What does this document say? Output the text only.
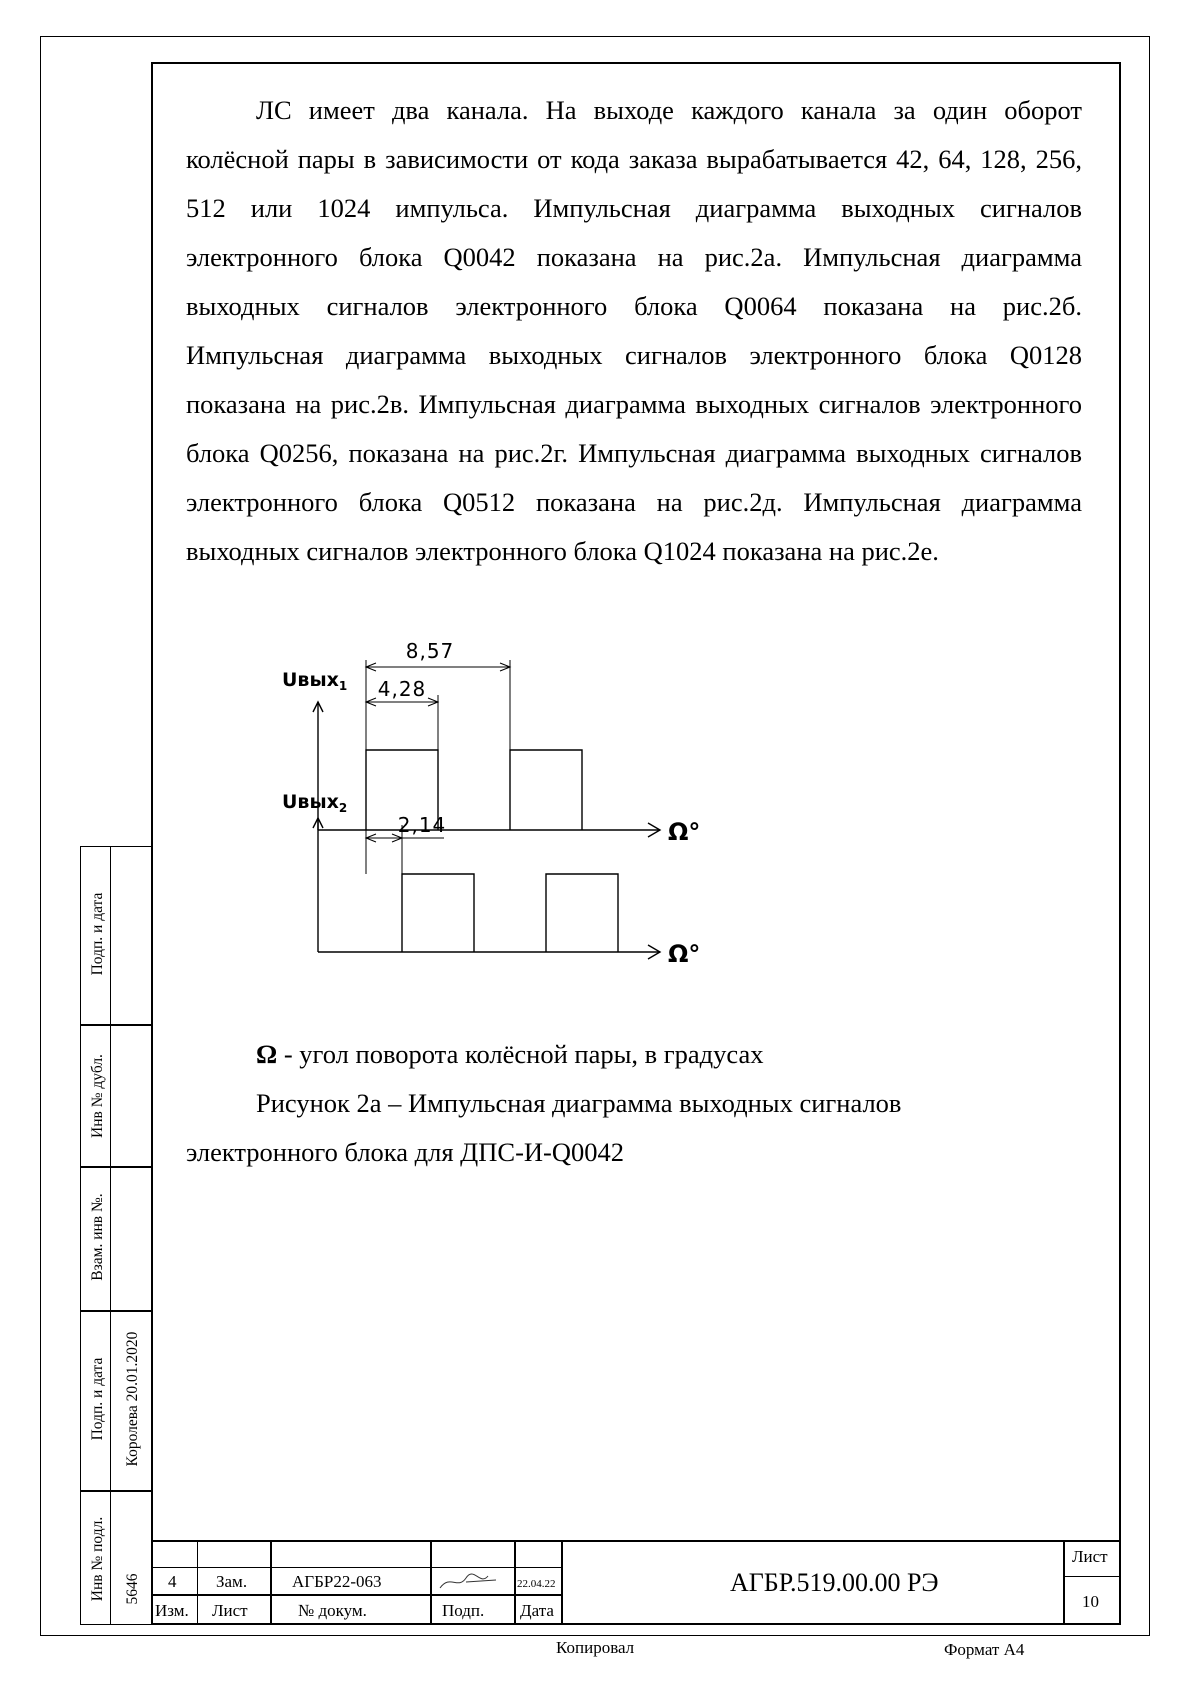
ЛС имеет два канала. На выходе каждого канала за один оборот колёсной пары в зависимости от кода заказа вырабатывается 42, 64, 128, 256, 512 или 1024 импульса. Импульсная диаграмма выходных сигналов электронного блока Q0042 показана на рис.2а. Импульсная диаграмма выходных сигналов электронного блока Q0064 показана на рис.2б. Импульсная диаграмма выходных сигналов электронного блока Q0128 показана на рис.2в. Импульсная диаграмма выходных сигналов электронного блока Q0256, показана на рис.2г. Импульсная диаграмма выходных сигналов электронного блока Q0512 показана на рис.2д. Импульсная диаграмма выходных сигналов электронного блока Q1024 показана на рис.2е.

8,57
4,28
2,14
Uвых$_1$
Uвых$_2$
Ω°
Ω°
Ω - угол поворота колёсной пары, в градусах
Рисунок 2а – Импульсная диаграмма выходных сигналов
электронного блока для ДПС-И-Q0042
Подп. и дата
Инв № дубл.
Взам. инв №.
Подп. и дата Королева 20.01.2020
Инв № подл. 5646 4 Зам.	АГБР22-063	22.04.22
Изм. Лист	№ докум.	Подп. Дата
АГБР.519.00.00 РЭ
Лист
10
Копировал	Формат А4
